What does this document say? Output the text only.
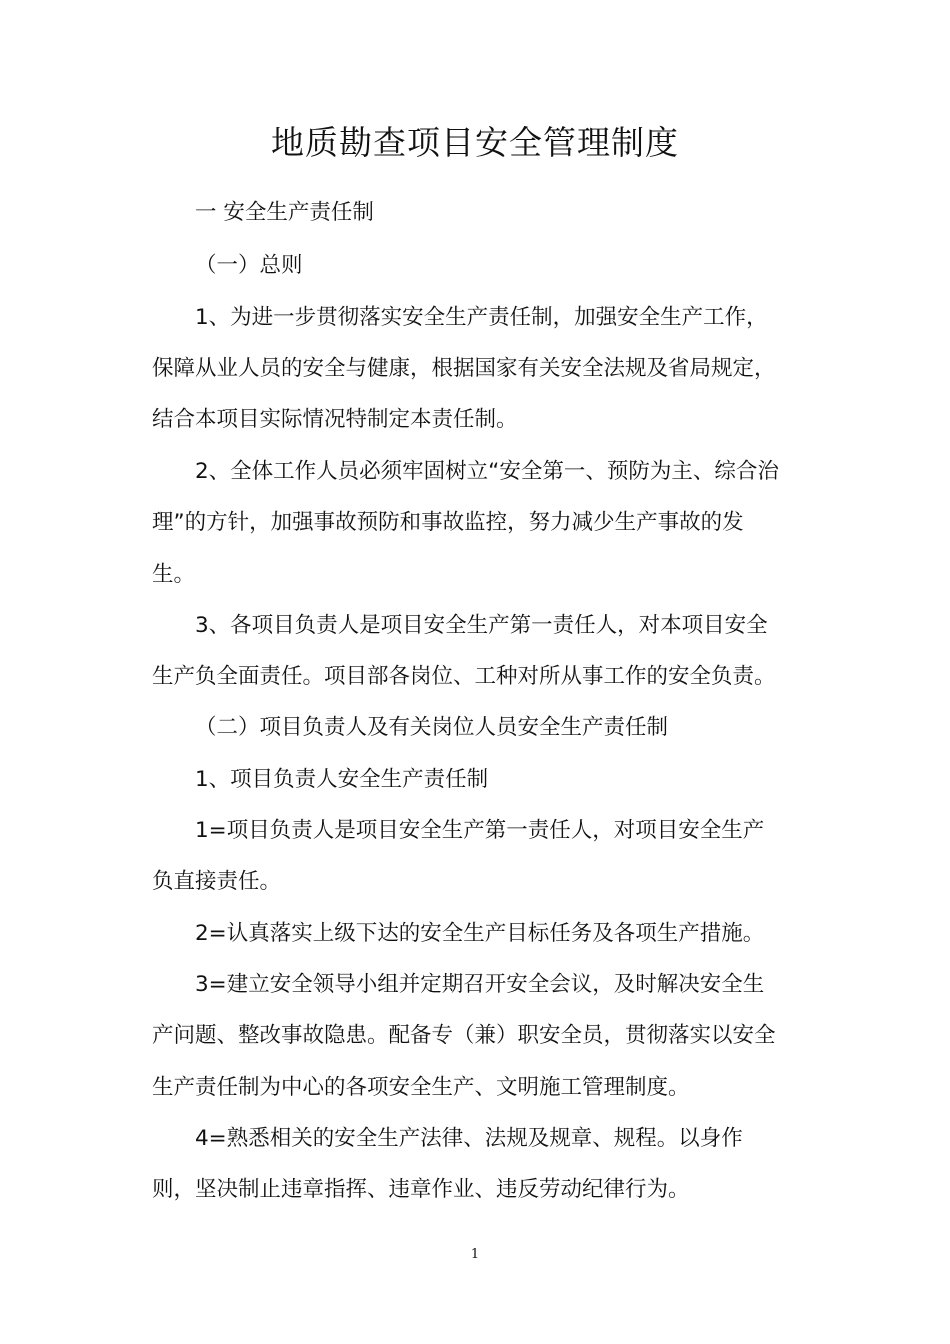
地质勘查项目安全管理制度

一 安全生产责任制

（一）总则

1、为进一步贯彻落实安全生产责任制，加强安全生产工作，

保障从业人员的安全与健康，根据国家有关安全法规及省局规定，

结合本项目实际情况特制定本责任制。

2、全体工作人员必须牢固树立“安全第一、预防为主、综合治

理”的方针，加强事故预防和事故监控，努力减少生产事故的发

生。

3、各项目负责人是项目安全生产第一责任人，对本项目安全

生产负全面责任。项目部各岗位、工种对所从事工作的安全负责。

（二）项目负责人及有关岗位人员安全生产责任制

1、项目负责人安全生产责任制

1=项目负责人是项目安全生产第一责任人，对项目安全生产

负直接责任。

2=认真落实上级下达的安全生产目标任务及各项生产措施。

3=建立安全领导小组并定期召开安全会议，及时解决安全生

产问题、整改事故隐患。配备专（兼）职安全员，贯彻落实以安全

生产责任制为中心的各项安全生产、文明施工管理制度。

4=熟悉相关的安全生产法律、法规及规章、规程。以身作

则，坚决制止违章指挥、违章作业、违反劳动纪律行为。

1
